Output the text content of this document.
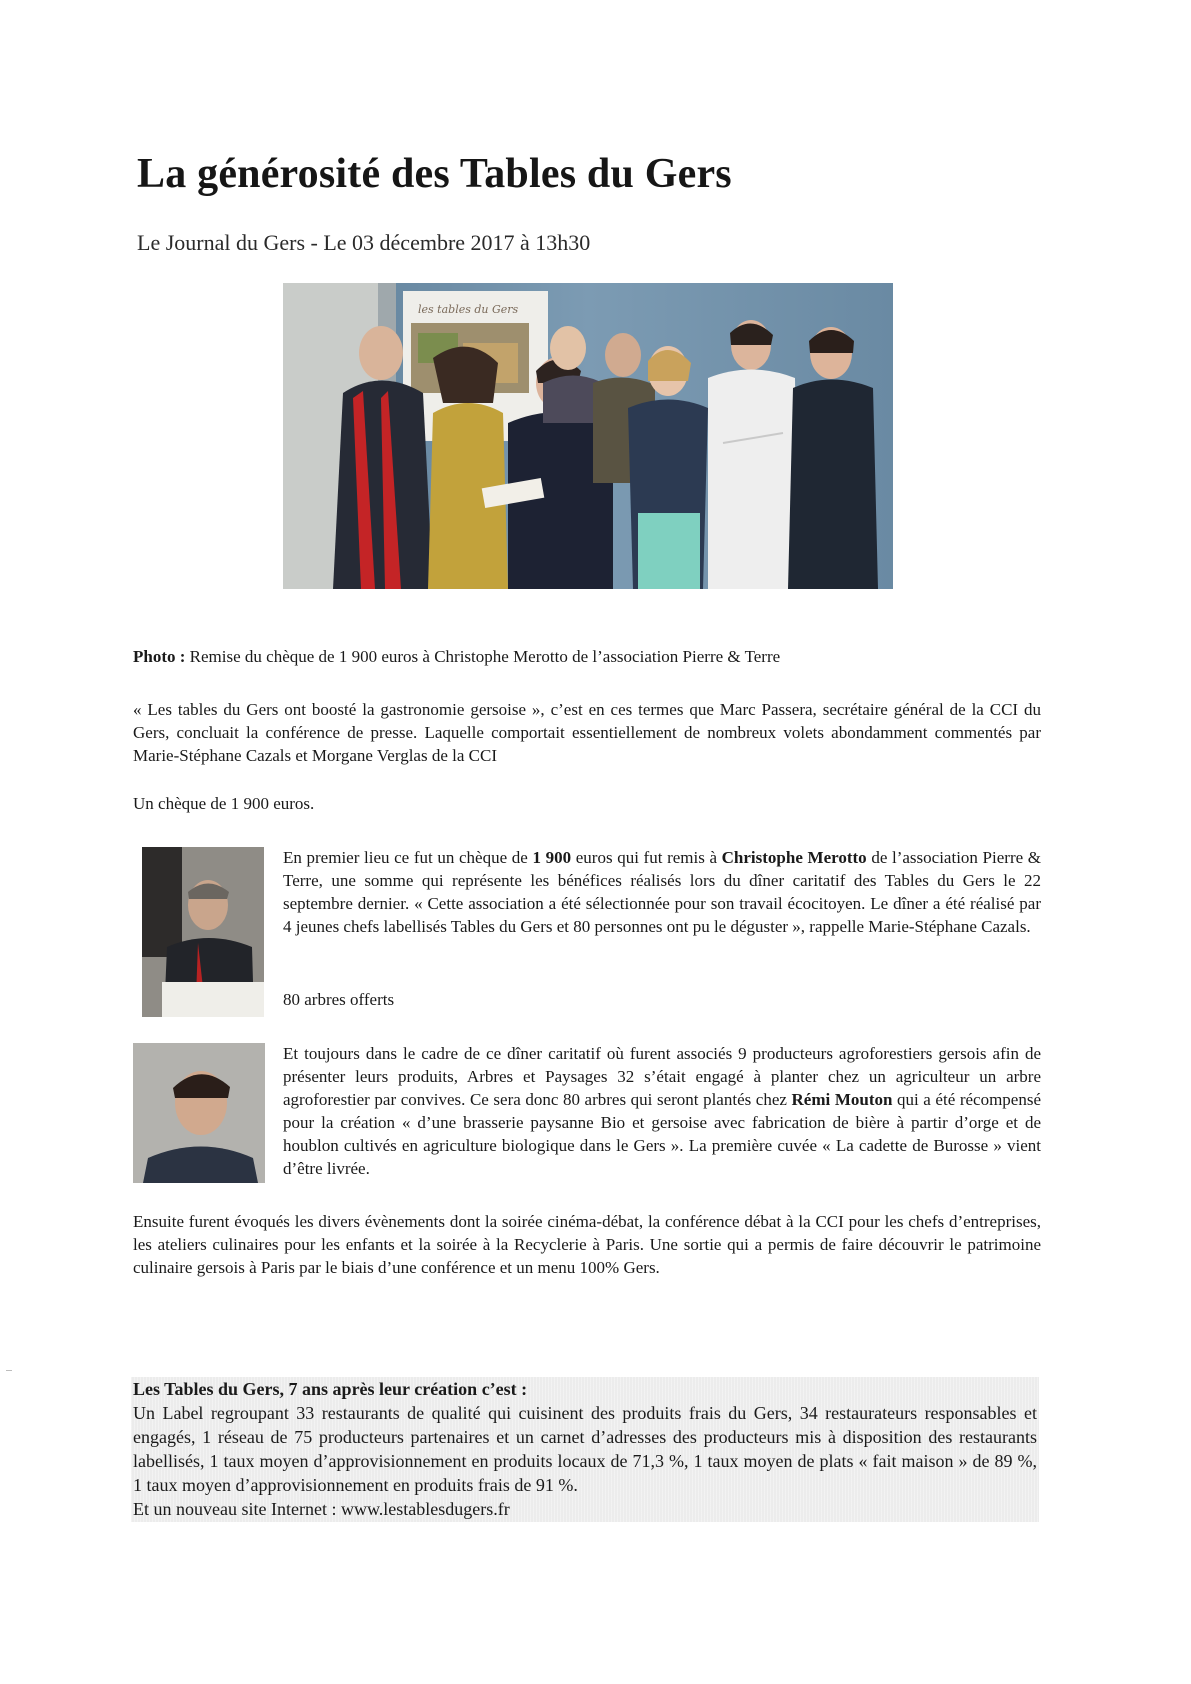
La générosité des Tables du Gers
Le Journal du Gers - Le 03 décembre 2017 à 13h30
les tables du Gers

Photo : Remise du chèque de 1 900 euros à Christophe Merotto de l’association Pierre & Terre

« Les tables du Gers ont boosté la gastronomie gersoise », c’est en ces termes que Marc Passera, secrétaire général de la CCI du Gers, concluait la conférence de presse. Laquelle comportait essentiellement de nombreux volets abondamment commentés par Marie-Stéphane Cazals et Morgane Verglas de la CCI

Un chèque de 1 900 euros.

En premier lieu ce fut un chèque de 1 900 euros qui fut remis à Christophe Merotto de l’association Pierre & Terre, une somme qui représente les bénéfices réalisés lors du dîner caritatif des Tables du Gers le 22 septembre dernier. « Cette association a été sélectionnée pour son travail écocitoyen. Le dîner a été réalisé par 4 jeunes chefs labellisés Tables du Gers et 80 personnes ont pu le déguster », rappelle Marie-Stéphane Cazals.

80 arbres offerts

Et toujours dans le cadre de ce dîner caritatif où furent associés 9 producteurs agroforestiers gersois afin de présenter leurs produits, Arbres et Paysages 32 s’était engagé à planter chez un agriculteur un arbre agroforestier par convives. Ce sera donc 80 arbres qui seront plantés chez Rémi Mouton qui a été récompensé pour la création « d’une brasserie paysanne Bio et gersoise avec fabrication de bière à partir d’orge et de houblon cultivés en agriculture biologique dans le Gers ». La première cuvée « La cadette de Burosse » vient d’être livrée.

Ensuite furent évoqués les divers évènements dont la soirée cinéma-débat, la conférence débat à la CCI pour les chefs d’entreprises, les ateliers culinaires pour les enfants et la soirée à la Recyclerie à Paris. Une sortie qui a permis de faire découvrir le patrimoine culinaire gersois à Paris par le biais d’une conférence et un menu 100% Gers.

Les Tables du Gers, 7 ans après leur création c’est :
Un Label regroupant 33 restaurants de qualité qui cuisinent des produits frais du Gers, 34 restaurateurs responsables et engagés, 1 réseau de 75 producteurs partenaires et un carnet d’adresses des producteurs mis à disposition des restaurants labellisés, 1 taux moyen d’approvisionnement en produits locaux de 71,3 %, 1 taux moyen de plats « fait maison » de 89 %, 1 taux moyen d’approvisionnement en produits frais de 91 %.
Et un nouveau site Internet : www.lestablesdugers.fr
